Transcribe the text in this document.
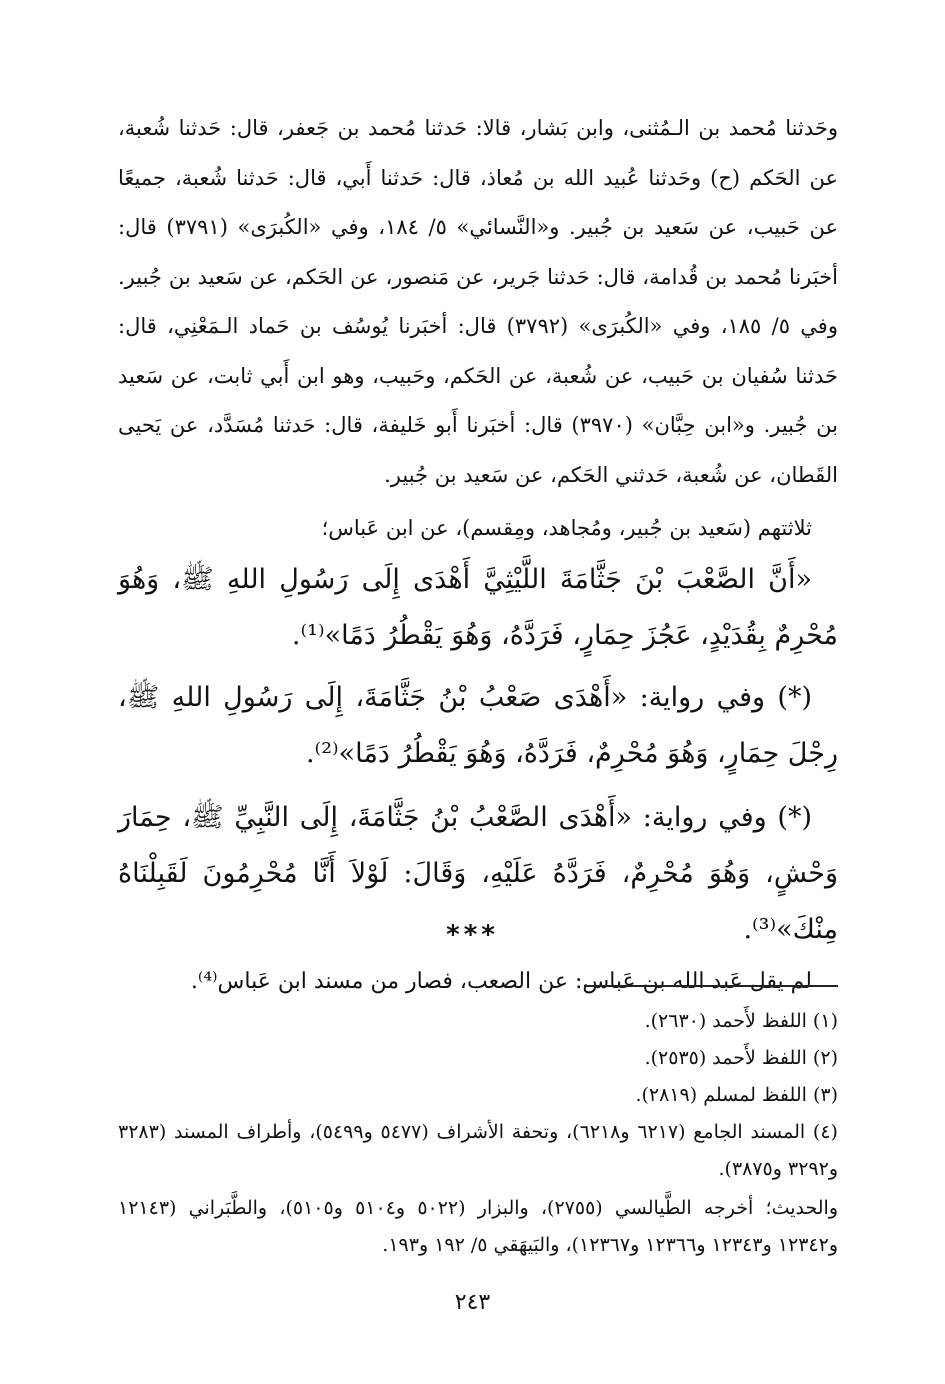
وحَدثنا مُحمد بن الـمُثنى، وابن بَشار، قالا: حَدثنا مُحمد بن جَعفر، قال: حَدثنا شُعبة، عن الحَكم (ح) وحَدثنا عُبيد الله بن مُعاذ، قال: حَدثنا أَبي، قال: حَدثنا شُعبة، جميعًا عن حَبيب، عن سَعيد بن جُبير. و«النَّسائي» ٥/ ١٨٤، وفي «الكُبرَى» (٣٧٩١) قال: أخبَرنا مُحمد بن قُدامة، قال: حَدثنا جَرير، عن مَنصور، عن الحَكم، عن سَعيد بن جُبير. وفي ٥/ ١٨٥، وفي «الكُبرَى» (٣٧٩٢) قال: أخبَرنا يُوسُف بن حَماد الـمَعْنِي، قال: حَدثنا سُفيان بن حَبيب، عن شُعبة، عن الحَكم، وحَبيب، وهو ابن أَبي ثابت، عن سَعيد بن جُبير. و«ابن حِبَّان» (٣٩٧٠) قال: أخبَرنا أَبو خَليفة، قال: حَدثنا مُسَدَّد، عن يَحيى القَطان، عن شُعبة، حَدثني الحَكم، عن سَعيد بن جُبير.

ثلاثتهم (سَعيد بن جُبير، ومُجاهد، ومِقسم)، عن ابن عَباس؛

«أَنَّ الصَّعْبَ بْنَ جَثَّامَةَ اللَّيْثِيَّ أَهْدَى إِلَى رَسُولِ اللهِ ﷺ، وَهُوَ مُحْرِمٌ بِقُدَيْدٍ، عَجُزَ حِمَارٍ، فَرَدَّهُ، وَهُوَ يَقْطُرُ دَمًا»⁽¹⁾.

(*) وفي رواية: «أَهْدَى صَعْبُ بْنُ جَثَّامَةَ، إِلَى رَسُولِ اللهِ ﷺ، رِجْلَ حِمَارٍ، وَهُوَ مُحْرِمٌ، فَرَدَّهُ، وَهُوَ يَقْطُرُ دَمًا»⁽²⁾.

(*) وفي رواية: «أَهْدَى الصَّعْبُ بْنُ جَثَّامَةَ، إِلَى النَّبِيِّ ﷺ، حِمَارَ وَحْشٍ، وَهُوَ مُحْرِمٌ، فَرَدَّهُ عَلَيْهِ، وَقَالَ: لَوْلاَ أَنَّا مُحْرِمُونَ لَقَبِلْنَاهُ مِنْكَ»⁽³⁾.

لم يقل عَبد الله بن عَباس: عن الصعب، فصار من مسند ابن عَباس⁽⁴⁾.

***

(١) اللفظ لأَحمد (٢٦٣٠).

(٢) اللفظ لأَحمد (٢٥٣٥).

(٣) اللفظ لمسلم (٢٨١٩).

(٤) المسند الجامع (٦٢١٧ و٦٢١٨)، وتحفة الأشراف (٥٤٧٧ و٥٤٩٩)، وأطراف المسند (٣٢٨٣ و٣٢٩٢ و٣٨٧٥).

والحديث؛ أخرجه الطَّيالسي (٢٧٥٥)، والبزار (٥٠٢٢ و٥١٠٤ و٥١٠٥)، والطَّبَراني (١٢١٤٣ و١٢٣٤٢ و١٢٣٤٣ و١٢٣٦٦ و١٢٣٦٧)، والبَيهَقي ٥/ ١٩٢ و١٩٣.

٢٤٣
